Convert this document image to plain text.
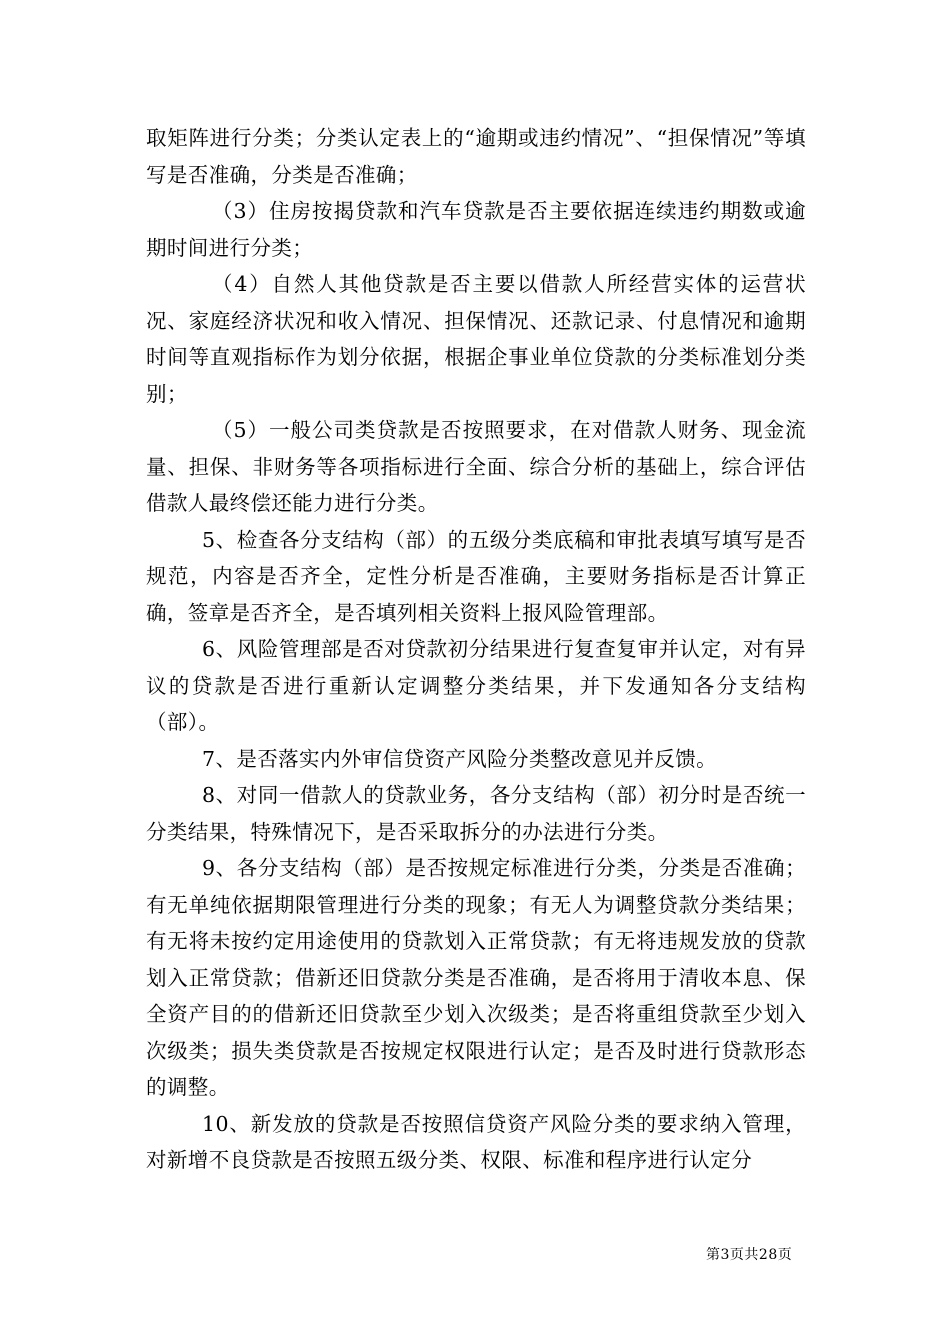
取矩阵进行分类；分类认定表上的“逾期或违约情况”、“担保情况”等填写是否准确，分类是否准确；

（3）住房按揭贷款和汽车贷款是否主要依据连续违约期数或逾期时间进行分类；

（4）自然人其他贷款是否主要以借款人所经营实体的运营状况、家庭经济状况和收入情况、担保情况、还款记录、付息情况和逾期时间等直观指标作为划分依据，根据企事业单位贷款的分类标准划分类别；

（5）一般公司类贷款是否按照要求，在对借款人财务、现金流量、担保、非财务等各项指标进行全面、综合分析的基础上，综合评估借款人最终偿还能力进行分类。

5、检查各分支结构（部）的五级分类底稿和审批表填写填写是否规范，内容是否齐全，定性分析是否准确，主要财务指标是否计算正确，签章是否齐全，是否填列相关资料上报风险管理部。

6、风险管理部是否对贷款初分结果进行复查复审并认定，对有异议的贷款是否进行重新认定调整分类结果，并下发通知各分支结构（部）。

7、是否落实内外审信贷资产风险分类整改意见并反馈。

8、对同一借款人的贷款业务，各分支结构（部）初分时是否统一分类结果，特殊情况下，是否采取拆分的办法进行分类。

9、各分支结构（部）是否按规定标准进行分类，分类是否准确；有无单纯依据期限管理进行分类的现象；有无人为调整贷款分类结果；有无将未按约定用途使用的贷款划入正常贷款；有无将违规发放的贷款划入正常贷款；借新还旧贷款分类是否准确，是否将用于清收本息、保全资产目的的借新还旧贷款至少划入次级类；是否将重组贷款至少划入次级类；损失类贷款是否按规定权限进行认定；是否及时进行贷款形态的调整。

10、新发放的贷款是否按照信贷资产风险分类的要求纳入管理，对新增不良贷款是否按照五级分类、权限、标准和程序进行认定分

第3页共28页
